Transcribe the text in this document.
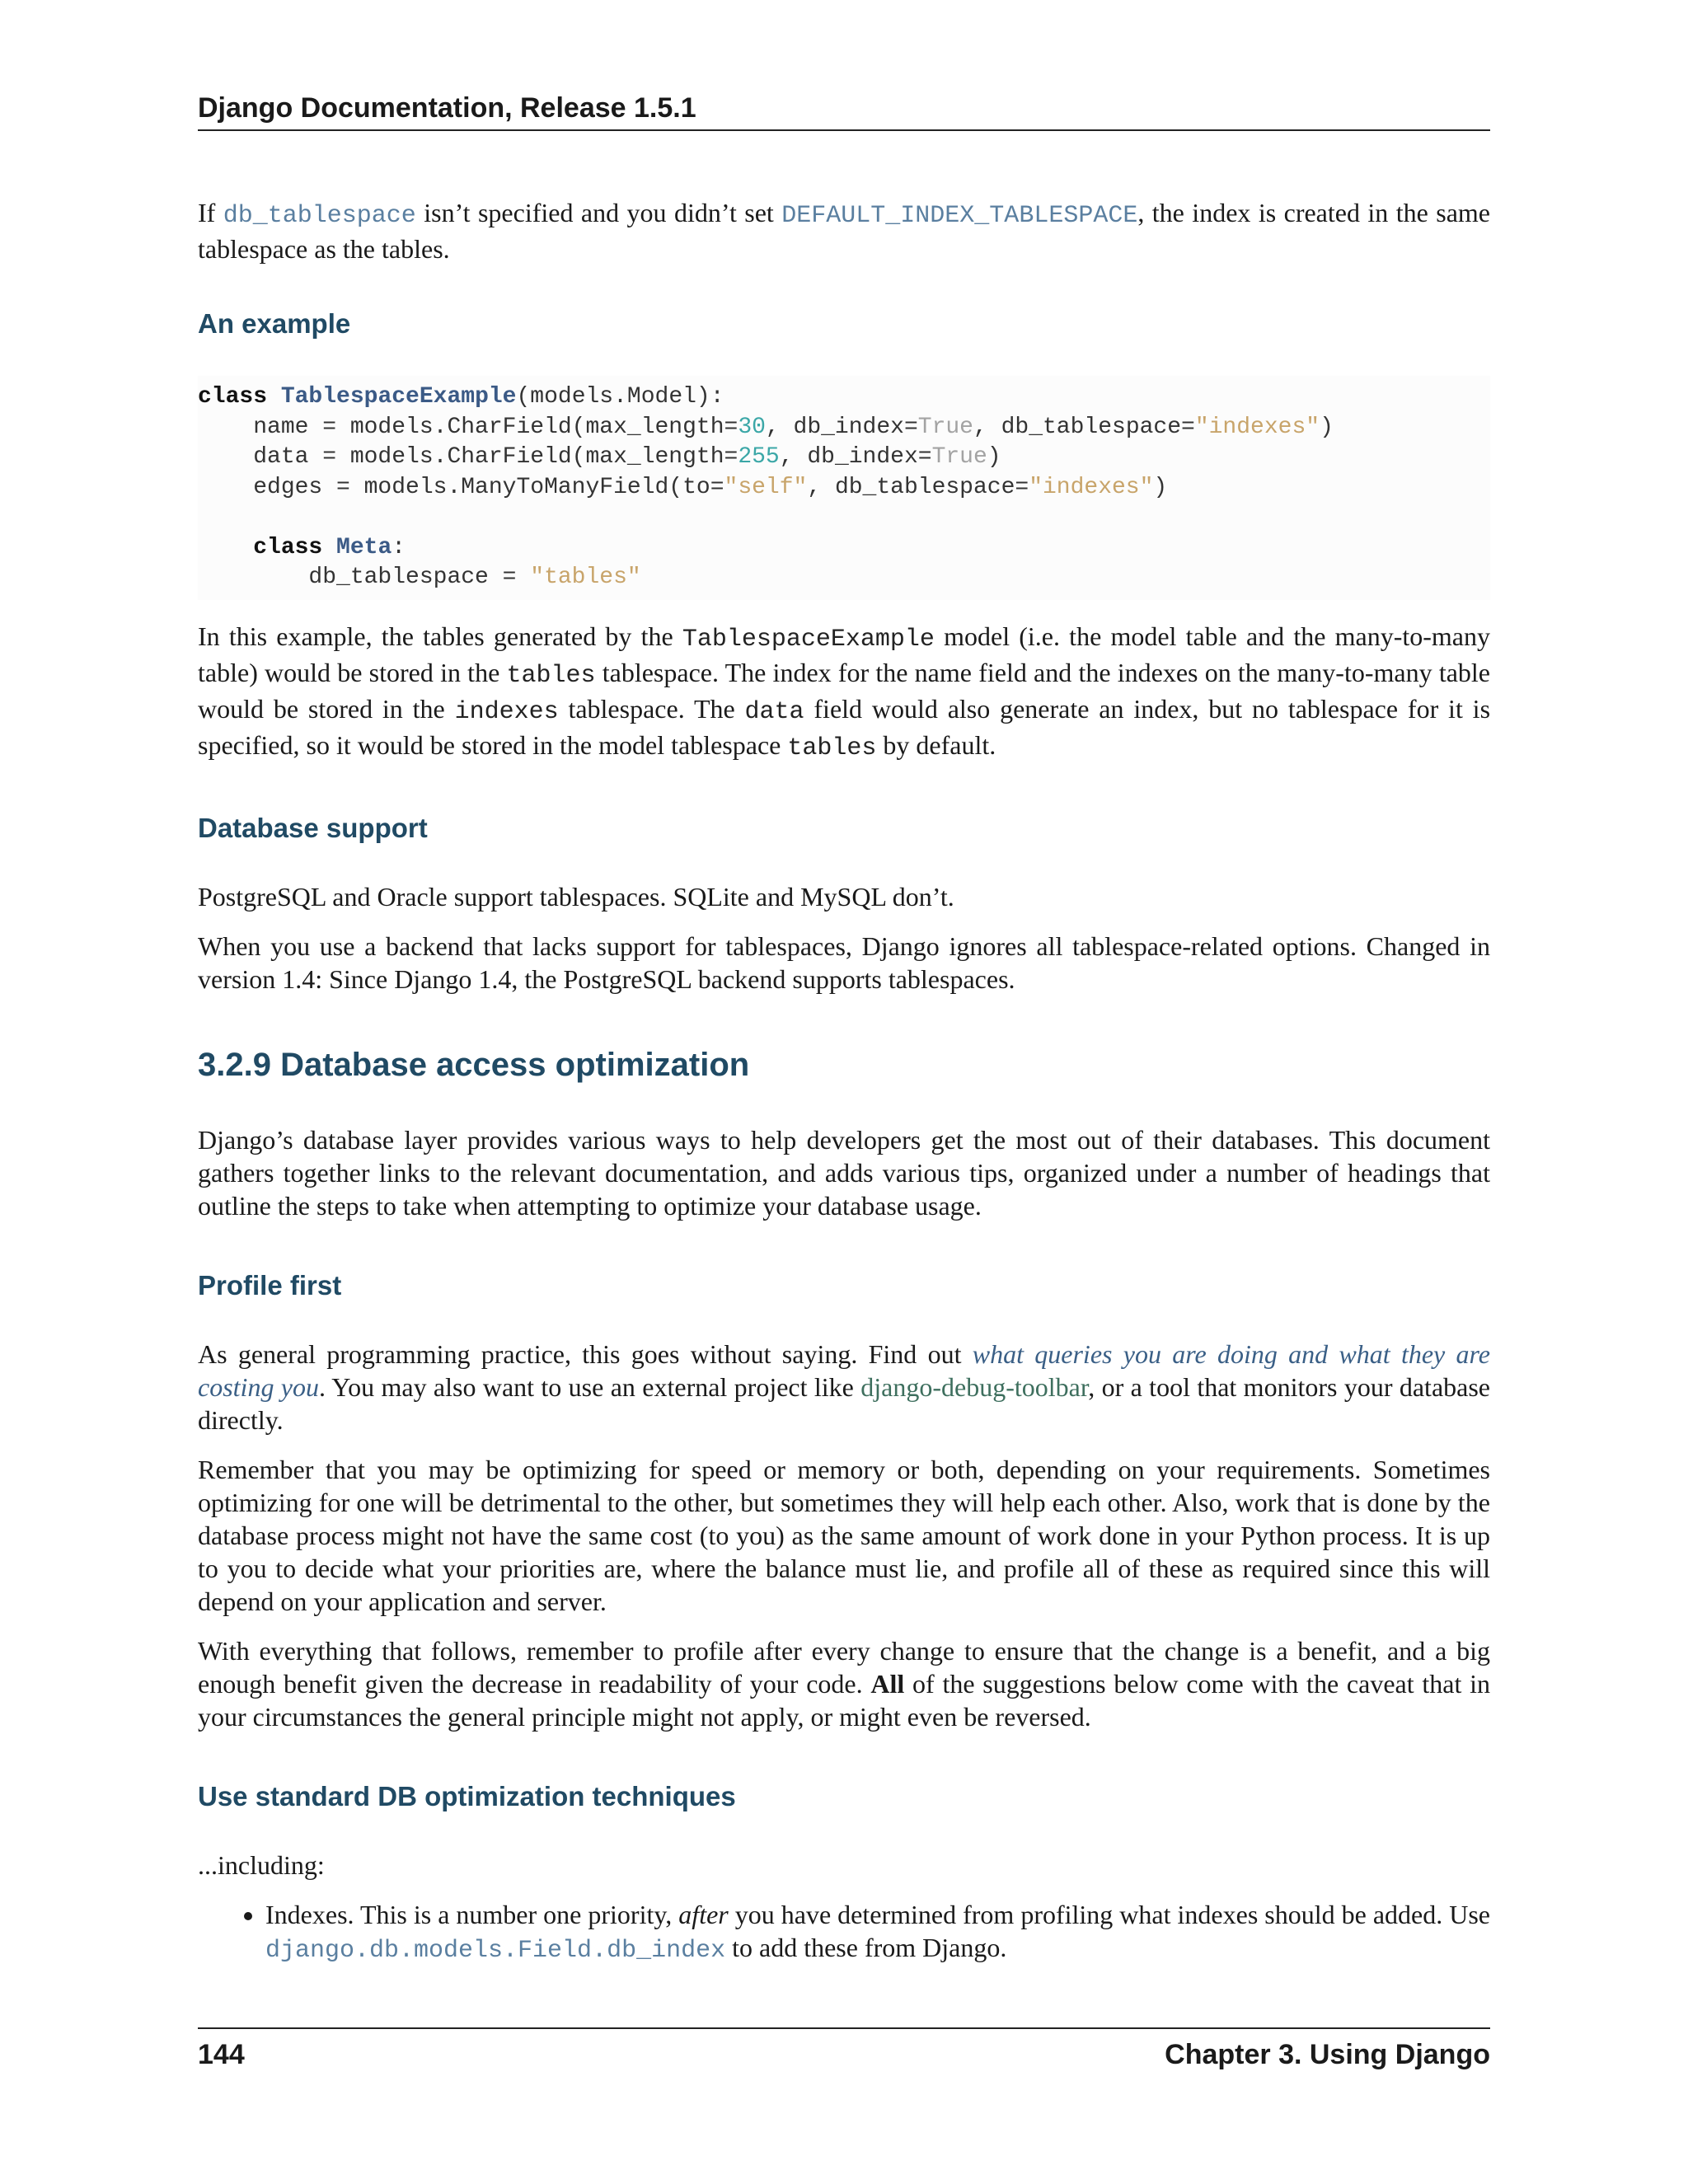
Django Documentation, Release 1.5.1

If db_tablespace isn’t specified and you didn’t set DEFAULT_INDEX_TABLESPACE, the index is created in the same tablespace as the tables.

An example
class TablespaceExample(models.Model):
name = models.CharField(max_length=30, db_index=True, db_tablespace="indexes")
data = models.CharField(max_length=255, db_index=True)
edges = models.ManyToManyField(to="self", db_tablespace="indexes")

class Meta:
db_tablespace = "tables"

In this example, the tables generated by the TablespaceExample model (i.e. the model table and the many-to-many table) would be stored in the tables tablespace. The index for the name field and the indexes on the many-to-many table would be stored in the indexes tablespace. The data field would also generate an index, but no tablespace for it is specified, so it would be stored in the model tablespace tables by default.

Database support

PostgreSQL and Oracle support tablespaces. SQLite and MySQL don’t.

When you use a backend that lacks support for tablespaces, Django ignores all tablespace-related options. Changed in version 1.4: Since Django 1.4, the PostgreSQL backend supports tablespaces.

3.2.9 Database access optimization

Django’s database layer provides various ways to help developers get the most out of their databases. This document gathers together links to the relevant documentation, and adds various tips, organized under a number of headings that outline the steps to take when attempting to optimize your database usage.

Profile first

As general programming practice, this goes without saying. Find out what queries you are doing and what they are costing you. You may also want to use an external project like django-debug-toolbar, or a tool that monitors your database directly.

Remember that you may be optimizing for speed or memory or both, depending on your requirements. Sometimes optimizing for one will be detrimental to the other, but sometimes they will help each other. Also, work that is done by the database process might not have the same cost (to you) as the same amount of work done in your Python process. It is up to you to decide what your priorities are, where the balance must lie, and profile all of these as required since this will depend on your application and server.

With everything that follows, remember to profile after every change to ensure that the change is a benefit, and a big enough benefit given the decrease in readability of your code. All of the suggestions below come with the caveat that in your circumstances the general principle might not apply, or might even be reversed.

Use standard DB optimization techniques

...including:

• Indexes. This is a number one priority, after you have determined from profiling what indexes should be added. Use django.db.models.Field.db_index to add these from Django.
144	Chapter 3. Using Django
